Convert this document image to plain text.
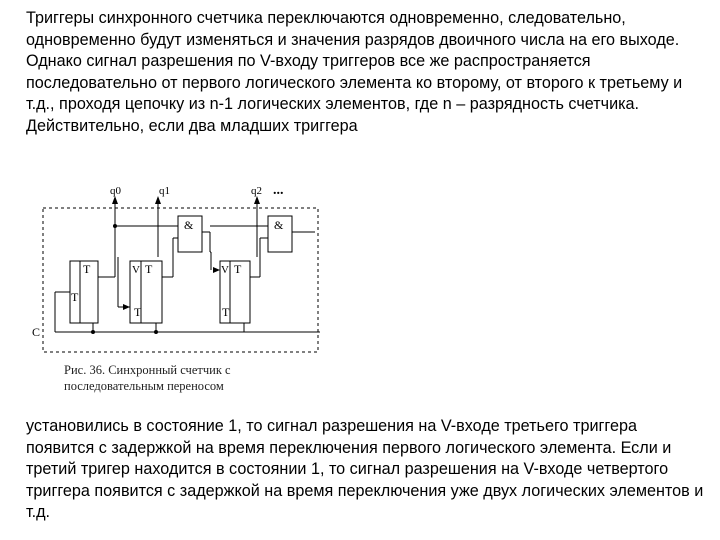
Триггеры синхронного счетчика переключаются одновременно, следовательно, одновременно будут изменяться и значения разрядов двоичного числа на его выходе. Однако сигнал разрешения по V-входу триггеров все же распространяется последовательно от первого логического элемента ко второму, от второго к третьему и т.д., проходя цепочку из n-1 логических элементов, где n – разрядность счетчика. Действительно, если два младших триггера

T
T
V T
T
V T
T
&	&
q0	q1	q2 ...
C
Рис. 36. Синхронный счетчик с
последовательным переносом

установились в состояние 1, то сигнал разрешения на V-входе третьего триггера появится с задержкой на время переключения первого логического элемента. Если и третий тригер находится в состоянии 1, то сигнал разрешения на V-входе четвертого триггера появится с задержкой на время переключения уже двух логических элементов и т.д.
